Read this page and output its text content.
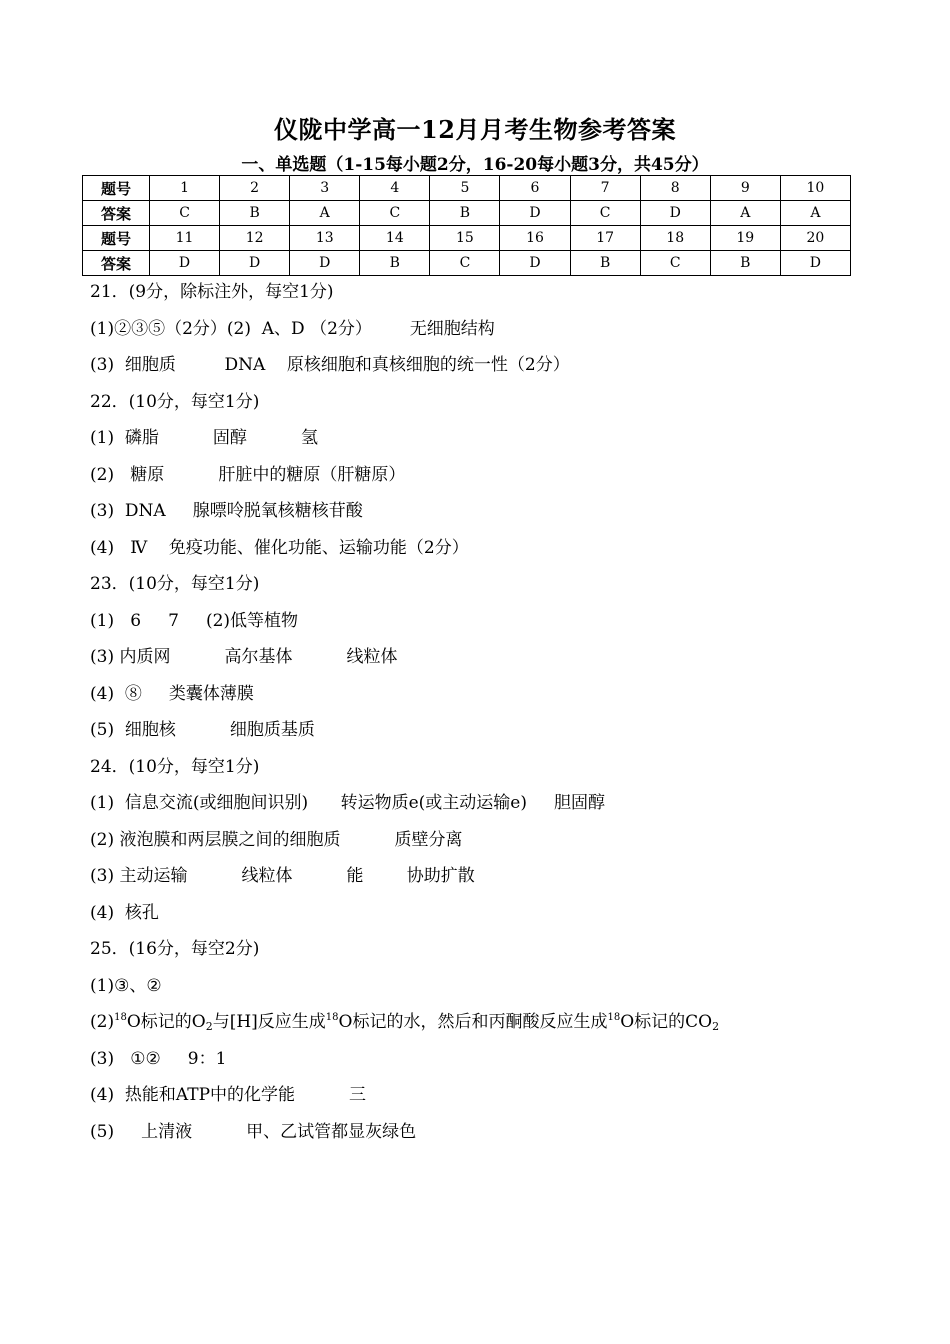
仪陇中学高一12月月考生物参考答案
一、单选题（1-15每小题2分，16-20每小题3分，共45分）
题号	1	2	3	4	5	6	7	8	9	10
答案	C	B	A	C	B	D	C	D	A	A
题号	11	12	13	14	15	16	17	18	19	20
答案	D	D	D	B	C	D	B	C	B	D
21．(9分，除标注外，每空1分)
(1)②③⑤（2分）(2)  A、D （2分）       无细胞结构
(3)  细胞质         DNA    原核细胞和真核细胞的统一性（2分）
22．(10分，每空1分)
(1)  磷脂          固醇          氢
(2)   糖原          肝脏中的糖原（肝糖原）
(3)  DNA     腺嘌呤脱氧核糖核苷酸
(4)   Ⅳ    免疫功能、催化功能、运输功能（2分）
23．(10分，每空1分)
(1)   6     7     (2)低等植物
(3) 内质网          高尔基体          线粒体
(4)  ⑧     类囊体薄膜
(5)  细胞核          细胞质基质
24．(10分，每空1分)
(1)  信息交流(或细胞间识别)      转运物质e(或主动运输e)     胆固醇
(2) 液泡膜和两层膜之间的细胞质          质壁分离
(3) 主动运输          线粒体          能        协助扩散
(4)  核孔
25．(16分，每空2分)
(1)③、②
$(2)^{18}O$标记的$O_2$与[H]反应生成$^{18}$O标记的水，然后和丙酮酸反应生成$^{18}$O标记的$CO_2$
(3)   ①②     9：1
(4)  热能和ATP中的化学能          三
(5)     上清液          甲、乙试管都显灰绿色
